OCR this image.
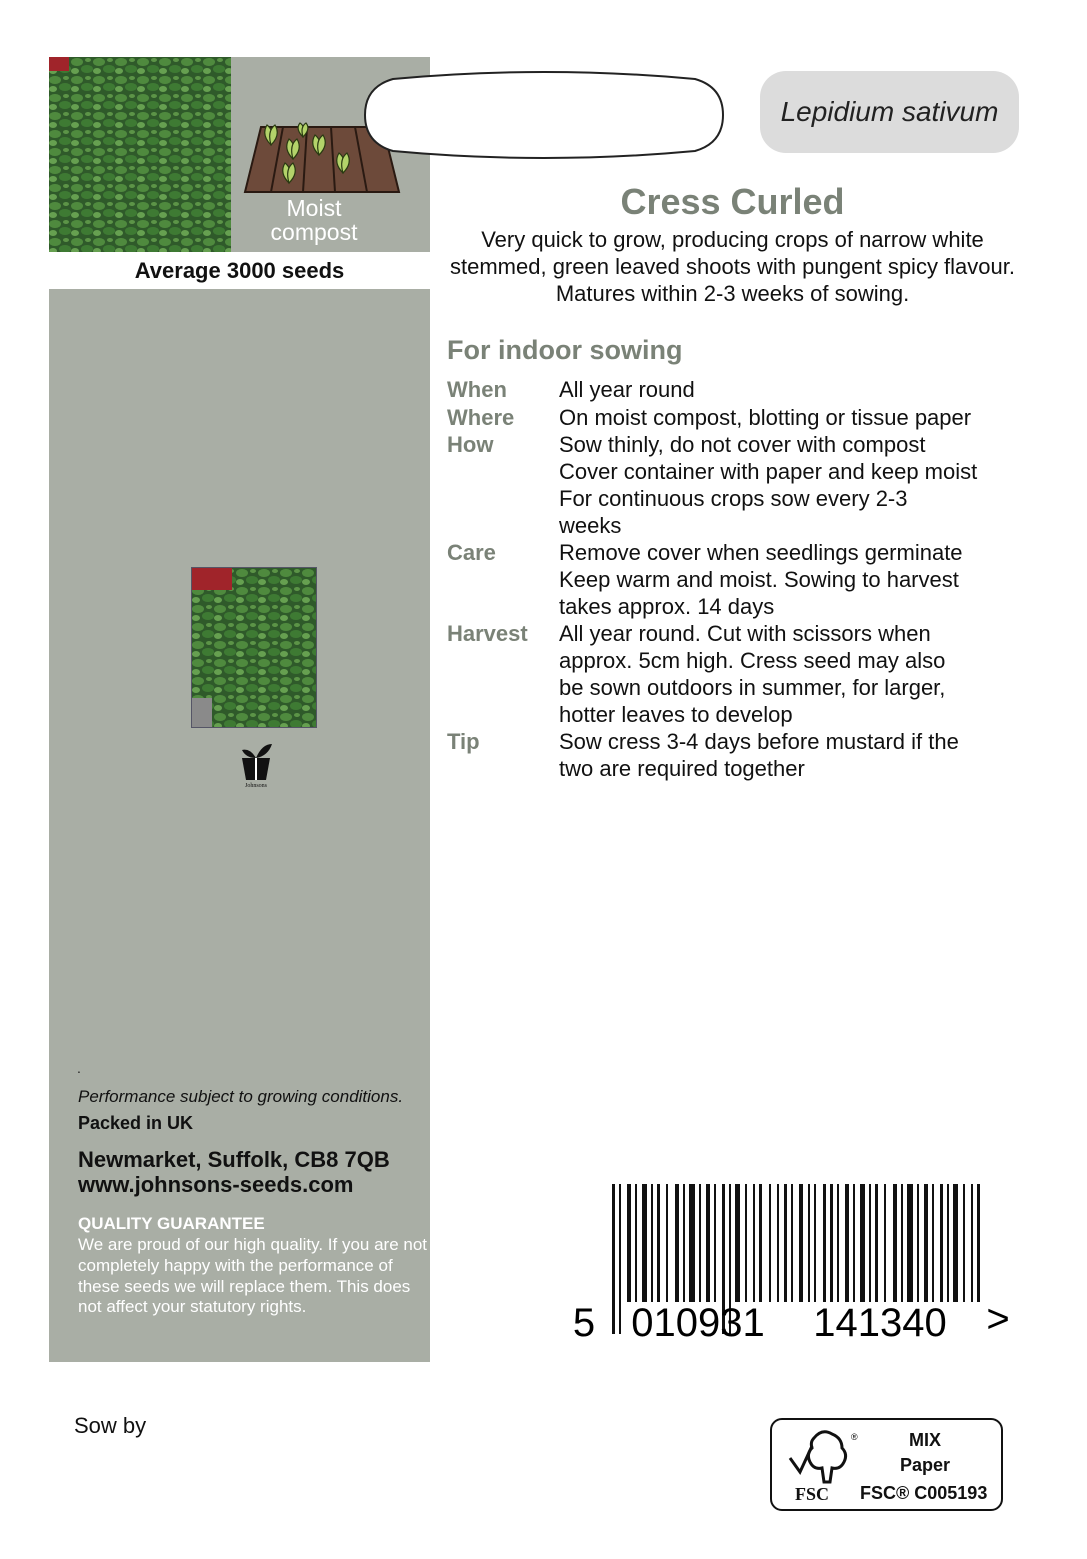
Moist
compost
Average 3000 seeds
Johnsons
.
Performance subject to growing conditions.
Packed in UK
Newmarket, Suffolk, CB8 7QB
www.johnsons-seeds.com
QUALITY GUARANTEE
We are proud of our high quality. If you are not completely happy with the performance of these seeds we will replace them. This does not affect your statutory rights.
Sow by
Lepidium sativum
Cress Curled
Very quick to grow, producing crops of narrow white stemmed, green leaved shoots with pungent spicy flavour. Matures within 2-3 weeks of sowing.
For indoor sowing
When All year round
Where On moist compost, blotting or tissue paper
How	Sow thinly, do not cover with compost
Cover container with paper and keep moist
For continuous crops sow every 2-3
weeks
Care	Remove cover when seedlings germinate
Keep warm and moist. Sowing to harvest
takes approx. 14 days
Harvest All year round. Cut with scissors when
approx. 5cm high. Cress seed may also
be sown outdoors in summer, for larger,
hotter leaves to develop
Tip	Sow cress 3-4 days before mustard if the
two are required together
5 010931 141340 >
®
FSC
MIX
Paper
FSC® C005193
